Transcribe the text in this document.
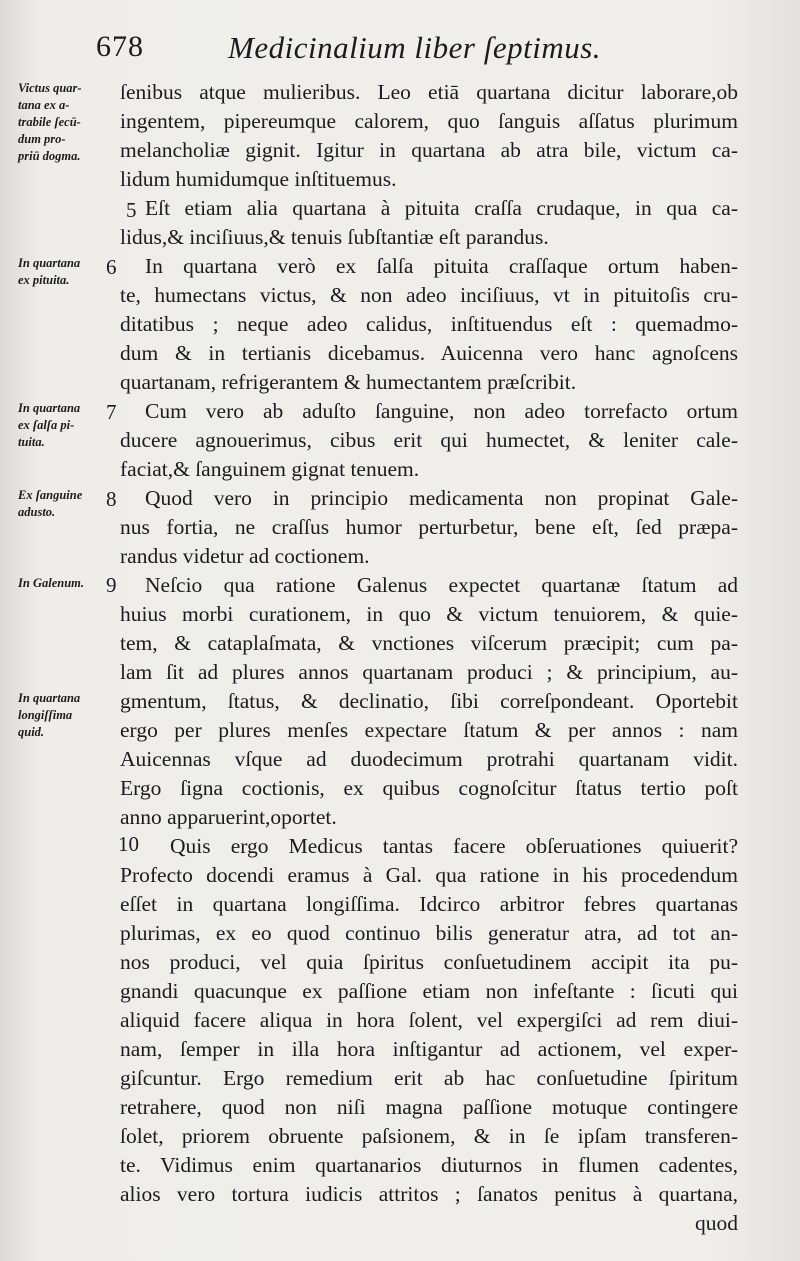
678	Medicinalium liber ſeptimus.
Victus quar-
tana ex a-
trabile ſecū-
dum pro-
priū dogma.
In quartana
ex pituita.
In quartana
ex ſalſa pi-
tuita.
Ex ſanguine
adusto.
In Galenum.
In quartana
longiſſima
quid.
5
6
7
8
9
10
ſenibus atque mulieribus. Leo etiā quartana dicitur laborare,ob
ingentem, pipereumque calorem, quo ſanguis aſſatus plurimum
melancholiæ gignit. Igitur in quartana ab atra bile, victum ca-
lidum humidumque inſtituemus.
Eſt etiam alia quartana à pituita craſſa crudaque, in qua ca-
lidus,& inciſiuus,& tenuis ſubſtantiæ eſt parandus.
In quartana verò ex ſalſa pituita craſſaque ortum haben-
te, humectans victus, & non adeo inciſiuus, vt in pituitoſis cru-
ditatibus ; neque adeo calidus, inſtituendus eſt : quemadmo-
dum & in tertianis dicebamus. Auicenna vero hanc agnoſcens
quartanam, refrigerantem & humectantem præſcribit.
Cum vero ab aduſto ſanguine, non adeo torrefacto ortum
ducere agnouerimus, cibus erit qui humectet, & leniter cale-
faciat,& ſanguinem gignat tenuem.
Quod vero in principio medicamenta non propinat Gale-
nus fortia, ne craſſus humor perturbetur, bene eſt, ſed præpa-
randus videtur ad coctionem.
Neſcio qua ratione Galenus expectet quartanæ ſtatum ad
huius morbi curationem, in quo & victum tenuiorem, & quie-
tem, & cataplaſmata, & vnctiones viſcerum præcipit; cum pa-
lam ſit ad plures annos quartanam produci ; & principium, au-
gmentum, ſtatus, & declinatio, ſibi correſpondeant. Oportebit
ergo per plures menſes expectare ſtatum & per annos : nam
Auicennas vſque ad duodecimum protrahi quartanam vidit.
Ergo ſigna coctionis, ex quibus cognoſcitur ſtatus tertio poſt
anno apparuerint,oportet.
Quis ergo Medicus tantas facere obſeruationes quiuerit?
Profecto docendi eramus à Gal. qua ratione in his procedendum
eſſet in quartana longiſſima. Idcirco arbitror febres quartanas
plurimas, ex eo quod continuo bilis generatur atra, ad tot an-
nos produci, vel quia ſpiritus conſuetudinem accipit ita pu-
gnandi quacunque ex paſſione etiam non infeſtante : ſicuti qui
aliquid facere aliqua in hora ſolent, vel expergiſci ad rem diui-
nam, ſemper in illa hora inſtigantur ad actionem, vel exper-
giſcuntur. Ergo remedium erit ab hac conſuetudine ſpiritum
retrahere, quod non niſi magna paſſione motuque contingere
ſolet, priorem obruente paſsionem, & in ſe ipſam transferen-
te. Vidimus enim quartanarios diuturnos in flumen cadentes,
alios vero tortura iudicis attritos ; ſanatos penitus à quartana,
quod
